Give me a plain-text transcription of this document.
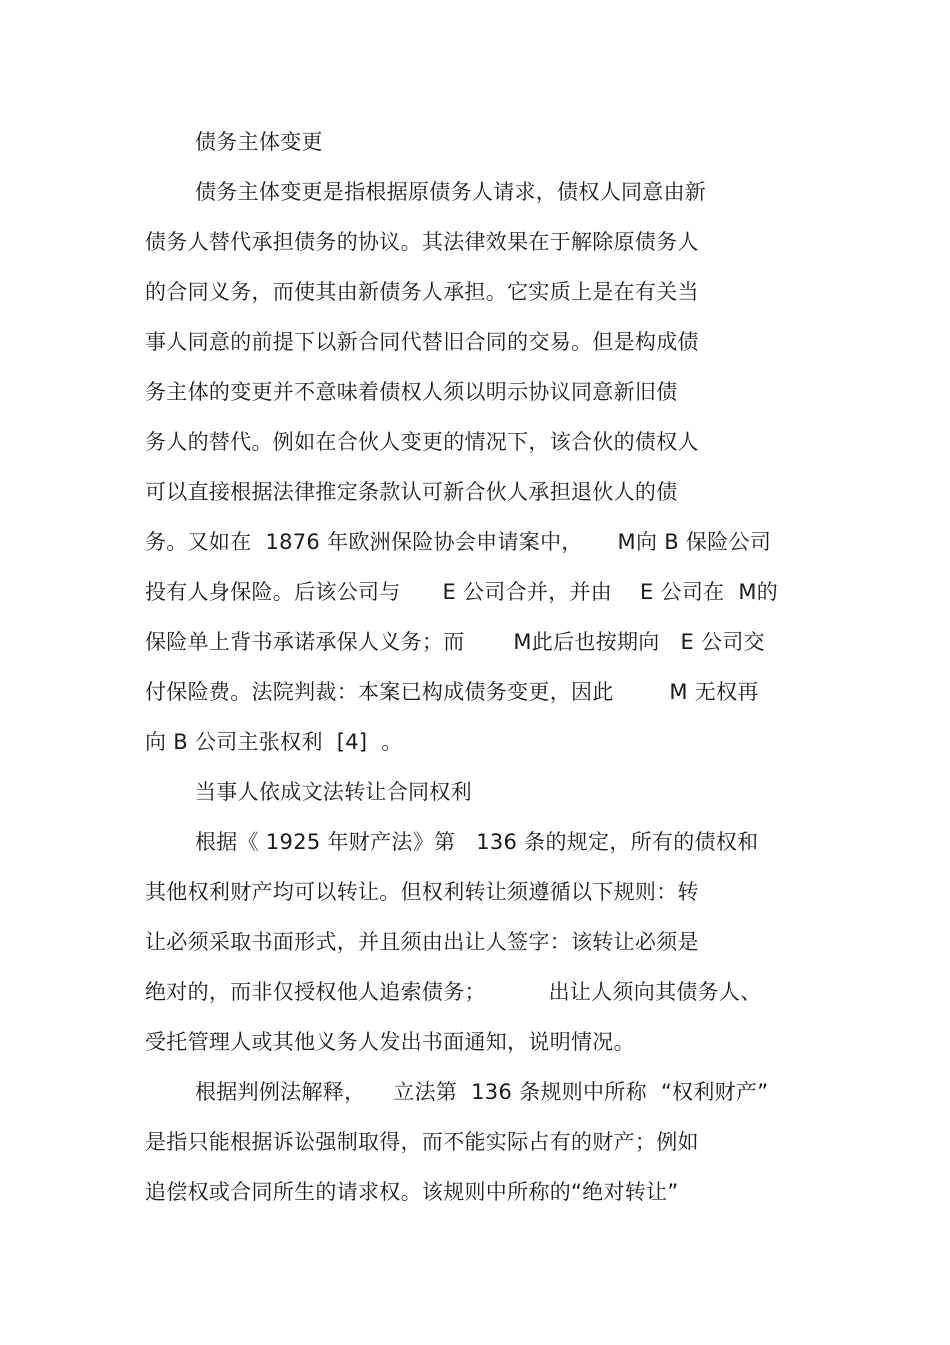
债务主体变更
债务主体变更是指根据原债务人请求，债权人同意由新
债务人替代承担债务的协议。其法律效果在于解除原债务人
的合同义务，而使其由新债务人承担。它实质上是在有关当
事人同意的前提下以新合同代替旧合同的交易。但是构成债
务主体的变更并不意味着债权人须以明示协议同意新旧债
务人的替代。例如在合伙人变更的情况下，该合伙的债权人
可以直接根据法律推定条款认可新合伙人承担退伙人的债
务。又如在  1876 年欧洲保险协会申请案中，     M向 B 保险公司
投有人身保险。后该公司与      E 公司合并，并由    E 公司在  M的
保险单上背书承诺承保人义务；而       M此后也按期向   E 公司交
付保险费。法院判裁：本案已构成债务变更，因此        M 无权再
向 B 公司主张权利  [4]  。
当事人依成文法转让合同权利
根据《 1925 年财产法》第   136 条的规定，所有的债权和
其他权利财产均可以转让。但权利转让须遵循以下规则：转
让必须采取书面形式，并且须由出让人签字：该转让必须是
绝对的，而非仅授权他人追索债务；         出让人须向其债务人、
受托管理人或其他义务人发出书面通知，说明情况。
根据判例法解释，    立法第  136 条规则中所称  “权利财产”
是指只能根据诉讼强制取得，而不能实际占有的财产；例如
追偿权或合同所生的请求权。该规则中所称的“绝对转让”
